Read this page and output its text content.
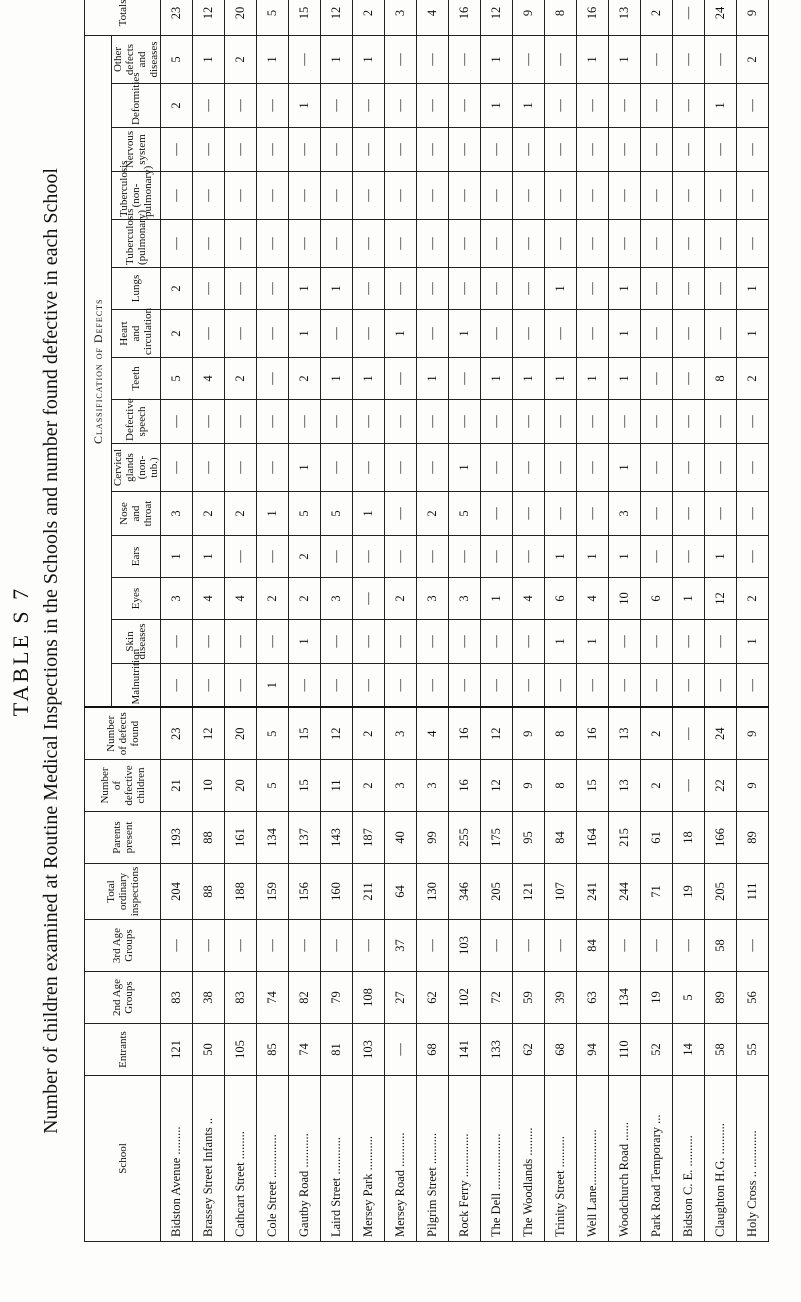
TABLE S 7 Number of children examined at Routine Medical Inspections in the Schools and number found defective in each School
School	Entrants	2nd Age Groups	3rd Age Groups	Total ordinary inspections	Parents present	Number of defective children	Number of defects found	Classification of Defects															Totals
								Malnutrition	Skin diseases	Eyes	Ears	Nose and throat	Cervical glands (non-tub.)	Defective speech	Teeth	Heart and circulation	Lungs	Tuberculosis (pulmonary)	Tuberculosis (non-pulmonary)	Nervous system	Deformities	Other defects and diseases	
Bidston Avenue .........	121	83	—	204	193	21	23	—	—	3	1	3	—	—	5	2	2	—	—	—	2	5	23
Brassey Street Infants ..	50	38	—	88	88	10	12	—	—	4	1	2	—	—	4	—	—	—	—	—	—	1	12
Cathcart Street .........	105	83	—	188	161	20	20	—	—	4	—	2	—	—	2	—	—	—	—	—	—	2	20
Cole Street ..............	85	74	—	159	134	5	5	1	—	2	—	1	—	—	—	—	—	—	—	—	—	1	5
Gautby Road ...........	74	82	—	156	137	15	15	—	1	2	2	5	1	—	2	1	1	—	—	—	1	—	15
Laird Street ............	81	79	—	160	143	11	12	—	—	3	—	5	—	—	1	—	1	—	—	—	—	1	12
Mersey Park ...........	103	108	—	211	187	2	2	—	—	—	—	1	—	—	1	—	—	—	—	—	—	1	2
Mersey Road ...........	—	27	37	64	40	3	3	—	—	2	—	—	—	—	—	1	—	—	—	—	—	—	3
Pilgrim Street ..........	68	62	—	130	99	3	4	—	—	3	—	2	—	—	1	—	—	—	—	—	—	—	4
Rock Ferry ..............	141	102	103	346	255	16	16	—	—	3	—	5	1	—	—	1	—	—	—	—	—	—	16
The Dell ..................	133	72	—	205	175	12	12	—	—	1	—	—	—	—	1	—	—	—	—	—	1	1	12
The Woodlands .........	62	59	—	121	95	9	9	—	—	4	—	—	—	—	1	—	—	—	—	—	1	—	9
Trinity Street ..........	68	39	—	107	84	8	8	—	1	6	1	—	—	—	1	—	1	—	—	—	—	—	8
Well Lane..................	94	63	84	241	164	15	16	—	1	4	1	—	—	—	1	—	—	—	—	—	—	1	16
Woodchurch Road ......	110	134	—	244	215	13	13	—	—	10	1	3	1	—	1	1	1	—	—	—	—	1	13
Park Road Temporary ...	52	19	—	71	61	2	2	—	—	6	—	—	—	—	—	—	—	—	—	—	—	—	2
Bidston C. E. ..........	14	5	—	19	18	—	—	—	—	1	—	—	—	—	—	—	—	—	—	—	—	—	—
Claughton H.G. ..........	58	89	58	205	166	22	24	—	—	12	1	—	—	—	8	—	—	—	—	—	1	—	24
Holy Cross .. ............	55	56	—	111	89	9	9	—	1	2	—	—	—	—	2	1	1	—	—	—	—	2	9
